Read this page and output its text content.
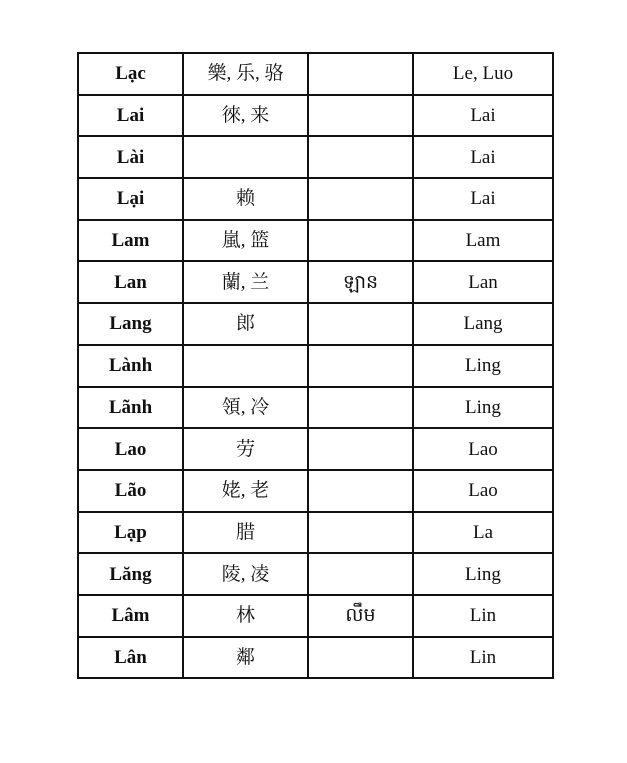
Lạc	樂, 乐, 骆		Le, Luo
Lai	徠, 来		Lai
Lài			Lai
Lại	赖		Lai
Lam	嵐, 篮		Lam
Lan	蘭, 兰	ឡាន	Lan
Lang	郎		Lang
Lành			Ling
Lãnh	領, 冷		Ling
Lao	劳		Lao
Lão	姥, 老		Lao
Lạp	腊		La
Lăng	陵, 凌		Ling
Lâm	林	លឹម	Lin
Lân	鄰		Lin
